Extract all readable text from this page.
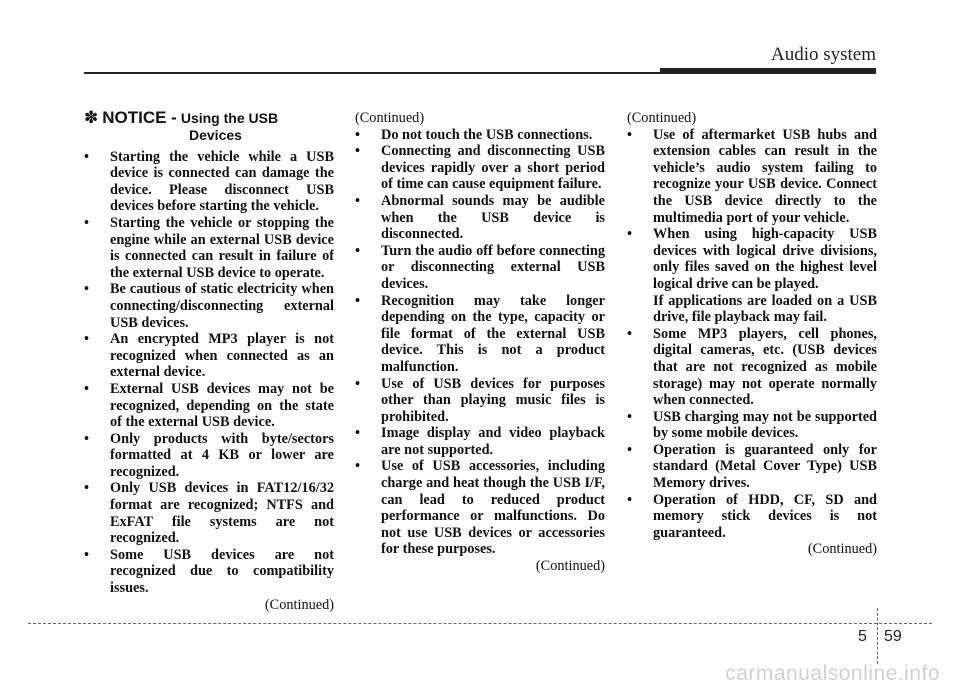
Audio system
✽ NOTICE - Using the USB
Devices
• Starting the vehicle while a USB device is connected can damage the device. Please disconnect USB devices before starting the vehicle.
• Starting the vehicle or stopping the engine while an external USB device is connected can result in failure of the external USB device to operate.
• Be cautious of static electricity when connecting/disconnecting external USB devices.
• An encrypted MP3 player is not recognized when connected as an external device.
• External USB devices may not be recognized, depending on the state of the external USB device.
• Only products with byte/sectors formatted at 4 KB or lower are recognized.
• Only USB devices in FAT12/16/32 format are recognized; NTFS and ExFAT file systems are not recognized.
• Some USB devices are not recognized due to compatibility issues.
(Continued)
(Continued)
• Do not touch the USB connections.
• Connecting and disconnecting USB devices rapidly over a short period of time can cause equipment failure.
• Abnormal sounds may be audible when the USB device is disconnected.
• Turn the audio off before connecting or disconnecting external USB devices.
• Recognition may take longer depending on the type, capacity or file format of the external USB device. This is not a product malfunction.
• Use of USB devices for purposes other than playing music files is prohibited.
• Image display and video playback are not supported.
• Use of USB accessories, including charge and heat though the USB I/F, can lead to reduced product performance or malfunctions. Do not use USB devices or accessories for these purposes.
(Continued)
(Continued)
• Use of aftermarket USB hubs and extension cables can result in the vehicle’s audio system failing to recognize your USB device. Connect the USB device directly to the multimedia port of your vehicle.
• When using high-capacity USB devices with logical drive divisions, only files saved on the highest level logical drive can be played.
If applications are loaded on a USB drive, file playback may fail.
• Some MP3 players, cell phones, digital cameras, etc. (USB devices that are not recognized as mobile storage) may not operate normally when connected.
• USB charging may not be supported by some mobile devices.
• Operation is guaranteed only for standard (Metal Cover Type) USB Memory drives.
• Operation of HDD, CF, SD and memory stick devices is not guaranteed.
(Continued)
5 59
carmanualsonline.info
